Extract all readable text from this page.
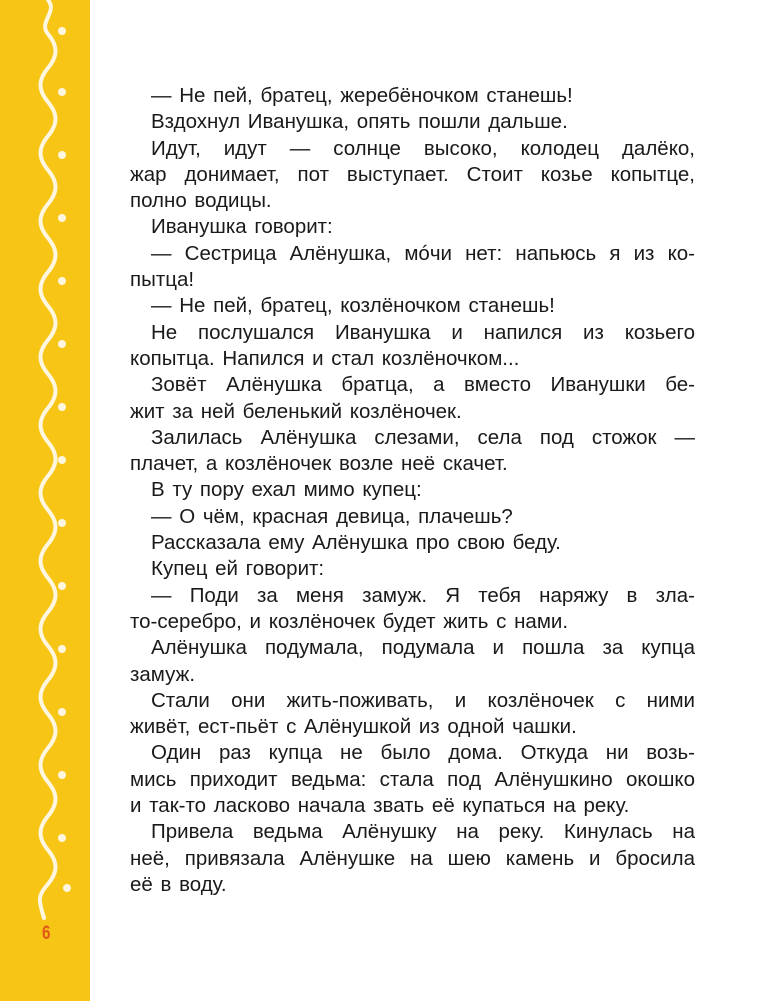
6
— Не пей, братец, жеребёночком станешь!
Вздохнул Иванушка, опять пошли дальше.
Идут, идут — солнце высоко, колодец далёко,
жар донимает, пот выступает. Стоит козье копытце,
полно водицы.
Иванушка говорит:
— Сестрица Алёнушка, мóчи нет: напьюсь я из ко-
пытца!
— Не пей, братец, козлёночком станешь!
Не послушался Иванушка и напился из козьего
копытца. Напился и стал козлёночком...
Зовёт Алёнушка братца, а вместо Иванушки бе-
жит за ней беленький козлёночек.
Залилась Алёнушка слезами, села под стожок —
плачет, а козлёночек возле неё скачет.
В ту пору ехал мимо купец:
— О чём, красная девица, плачешь?
Рассказала ему Алёнушка про свою беду.
Купец ей говорит:
— Поди за меня замуж. Я тебя наряжу в зла-
то-серебро, и козлёночек будет жить с нами.
Алёнушка подумала, подумала и пошла за купца
замуж.
Стали они жить-поживать, и козлёночек с ними
живёт, ест-пьёт с Алёнушкой из одной чашки.
Один раз купца не было дома. Откуда ни возь-
мись приходит ведьма: стала под Алёнушкино окошко
и так-то ласково начала звать её купаться на реку.
Привела ведьма Алёнушку на реку. Кинулась на
неё, привязала Алёнушке на шею камень и бросила
её в воду.
